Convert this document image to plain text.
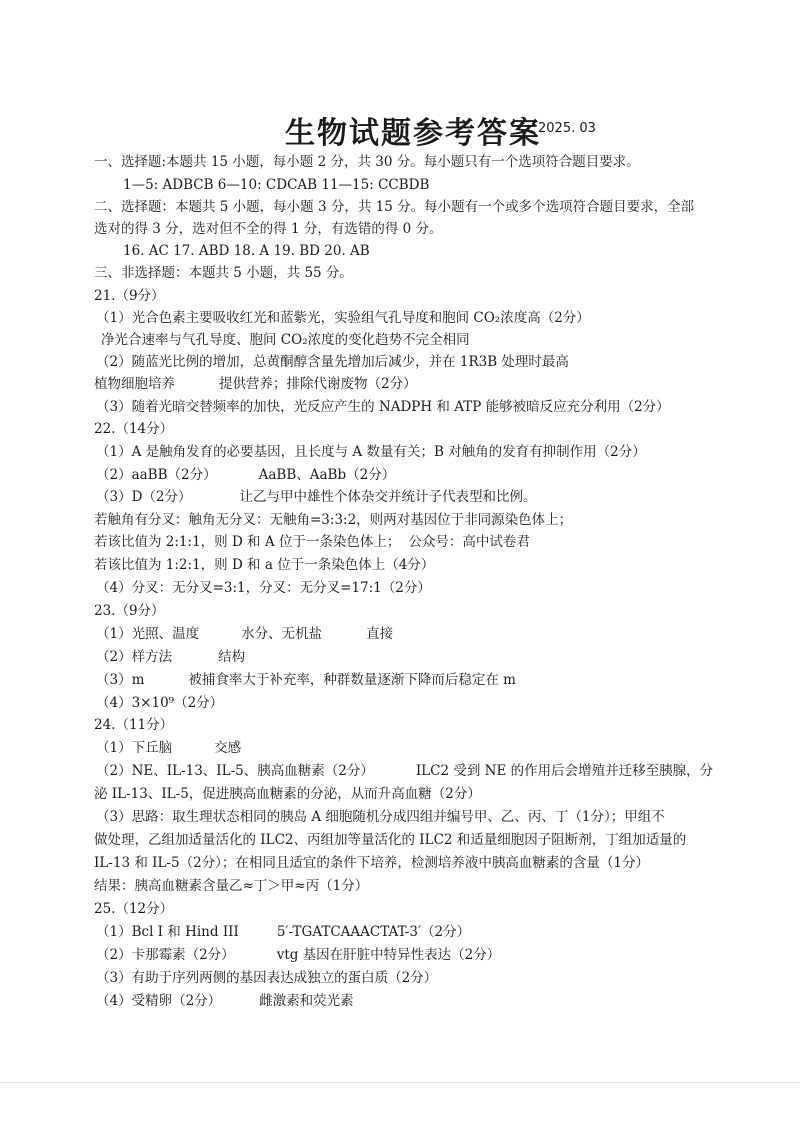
生物试题参考答案
2025. 03
一、选择题:本题共 15 小题，每小题 2 分，共 30 分。每小题只有一个选项符合题目要求。
1—5: ADBCB 6—10: CDCAB 11—15: CCBDB
二、选择题：本题共 5 小题，每小题 3 分，共 15 分。每小题有一个或多个选项符合题目要求，全部
选对的得 3 分，选对但不全的得 1 分，有选错的得 0 分。
16. AC 17. ABD 18. A 19. BD 20. AB
三、非选择题：本题共 5 小题，共 55 分。
21.（9分）
（1）光合色素主要吸收红光和蓝紫光，实验组气孔导度和胞间 CO₂浓度高（2分）
净光合速率与气孔导度、胞间 CO₂浓度的变化趋势不完全相同
（2）随蓝光比例的增加，总黄酮醇含量先增加后减少，并在 1R3B 处理时最高
植物细胞培养	提供营养；排除代谢废物（2分）
（3）随着光暗交替频率的加快，光反应产生的 NADPH 和 ATP 能够被暗反应充分利用（2分）
22.（14分）
（1）A 是触角发育的必要基因，且长度与 A 数量有关；B 对触角的发育有抑制作用（2分）
（2）aaBB（2分）	AaBB、AaBb（2分）
（3）D（2分）	让乙与甲中雄性个体杂交并统计子代表型和比例。
若触角有分叉：触角无分叉：无触角=3:3:2，则两对基因位于非同源染色体上；
若该比值为 2:1:1，则 D 和 A 位于一条染色体上； 公众号：高中试卷君
若该比值为 1:2:1，则 D 和 a 位于一条染色体上（4分）
（4）分叉：无分叉=3:1，分叉：无分叉=17:1（2分）
23.（9分）
（1）光照、温度	水分、无机盐	直接
（2）样方法	结构
（3）m	被捕食率大于补充率，种群数量逐渐下降而后稳定在 m
（4）3×10⁹（2分）
24.（11分）
（1）下丘脑	交感
（2）NE、IL-13、IL-5、胰高血糖素（2分）	ILC2 受到 NE 的作用后会增殖并迁移至胰腺，分
泌 IL-13、IL-5，促进胰高血糖素的分泌，从而升高血糖（2分）
（3）思路：取生理状态相同的胰岛 A 细胞随机分成四组并编号甲、乙、丙、丁（1分）；甲组不
做处理，乙组加适量活化的 ILC2、丙组加等量活化的 ILC2 和适量细胞因子阻断剂，丁组加适量的
IL-13 和 IL-5（2分）；在相同且适宜的条件下培养，检测培养液中胰高血糖素的含量（1分）
结果：胰高血糖素含量乙≈丁＞甲≈丙（1分）
25.（12分）
（1）Bcl I 和 Hind III	5′-TGATCAAACTAT-3′（2分）
（2）卡那霉素（2分）	vtg 基因在肝脏中特异性表达（2分）
（3）有助于序列两侧的基因表达成独立的蛋白质（2分）
（4）受精卵（2分）	雌激素和荧光素
